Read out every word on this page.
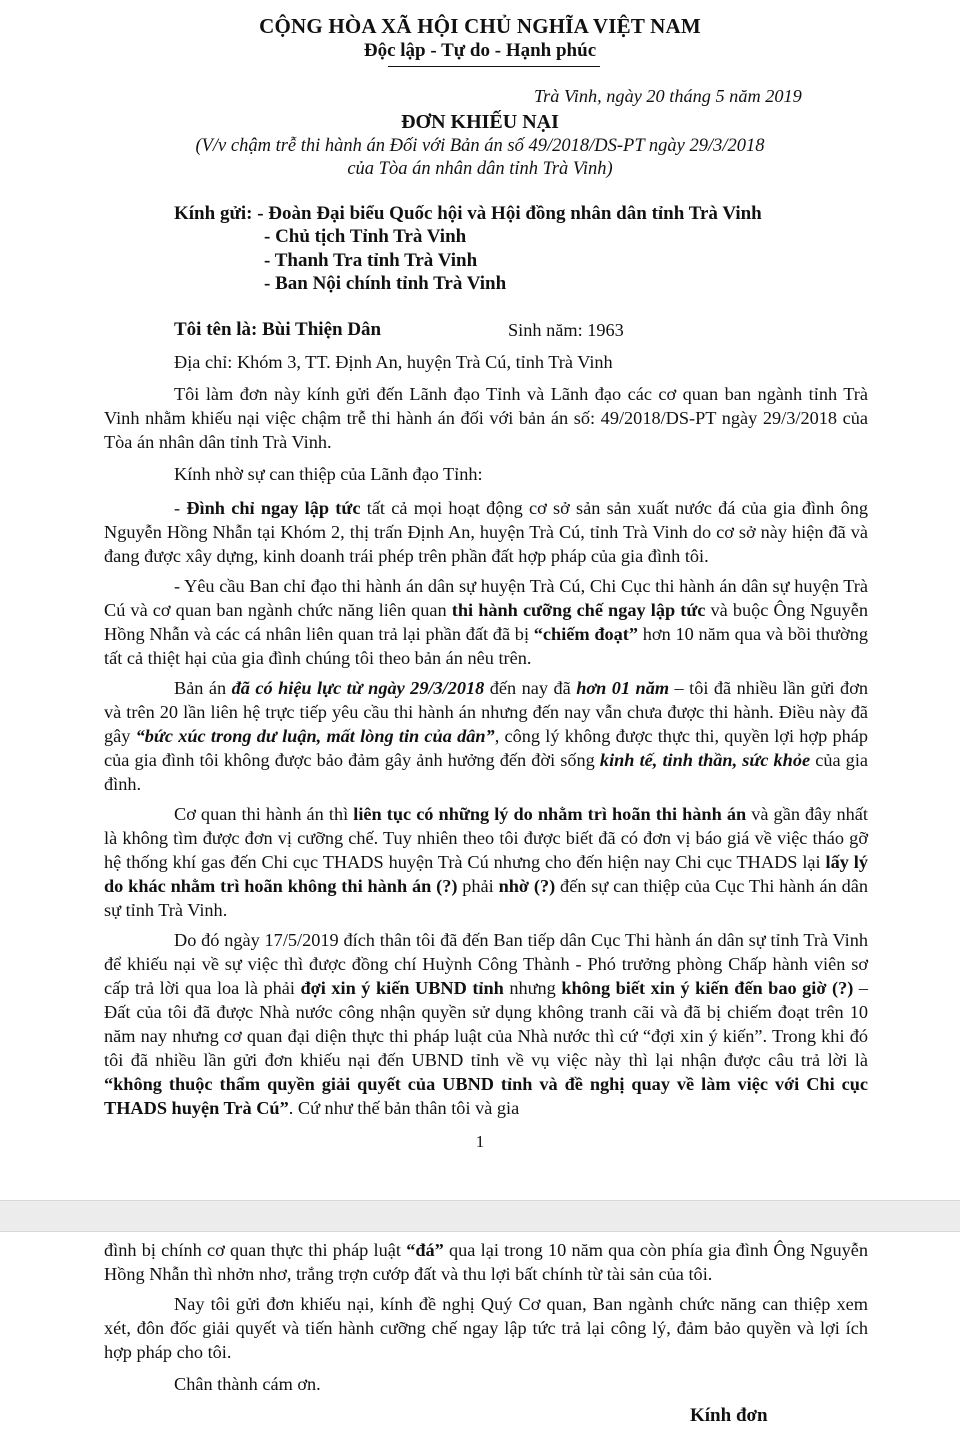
CỘNG HÒA XÃ HỘI CHỦ NGHĨA VIỆT NAM
Độc lập - Tự do - Hạnh phúc
Trà Vinh, ngày 20 tháng 5 năm 2019
ĐƠN KHIẾU NẠI
(V/v chậm trễ thi hành án Đối với Bản án số 49/2018/DS-PT ngày 29/3/2018
của Tòa án nhân dân tỉnh Trà Vinh)
Kính gửi: - Đoàn Đại biểu Quốc hội và Hội đồng nhân dân tỉnh Trà Vinh
- Chủ tịch Tỉnh Trà Vinh
- Thanh Tra tỉnh Trà Vinh
- Ban Nội chính tỉnh Trà Vinh
Tôi tên là: Bùi Thiện Dân	Sinh năm: 1963
Địa chỉ: Khóm 3, TT. Định An, huyện Trà Cú, tỉnh Trà Vinh
Tôi làm đơn này kính gửi đến Lãnh đạo Tỉnh và Lãnh đạo các cơ quan ban ngành tỉnh Trà Vinh nhằm khiếu nại việc chậm trễ thi hành án đối với bản án số: 49/2018/DS-PT ngày 29/3/2018 của Tòa án nhân dân tỉnh Trà Vinh.
Kính nhờ sự can thiệp của Lãnh đạo Tỉnh:
- Đình chỉ ngay lập tức tất cả mọi hoạt động cơ sở sản sản xuất nước đá của gia đình ông Nguyễn Hồng Nhẫn tại Khóm 2, thị trấn Định An, huyện Trà Cú, tỉnh Trà Vinh do cơ sở này hiện đã và đang được xây dựng, kinh doanh trái phép trên phần đất hợp pháp của gia đình tôi.
- Yêu cầu Ban chỉ đạo thi hành án dân sự huyện Trà Cú, Chi Cục thi hành án dân sự huyện Trà Cú và cơ quan ban ngành chức năng liên quan thi hành cưỡng chế ngay lập tức và buộc Ông Nguyễn Hồng Nhẫn và các cá nhân liên quan trả lại phần đất đã bị “chiếm đoạt” hơn 10 năm qua và bồi thường tất cả thiệt hại của gia đình chúng tôi theo bản án nêu trên.
Bản án đã có hiệu lực từ ngày 29/3/2018 đến nay đã hơn 01 năm – tôi đã nhiều lần gửi đơn và trên 20 lần liên hệ trực tiếp yêu cầu thi hành án nhưng đến nay vẫn chưa được thi hành. Điều này đã gây “bức xúc trong dư luận, mất lòng tin của dân”, công lý không được thực thi, quyền lợi hợp pháp của gia đình tôi không được bảo đảm gây ảnh hưởng đến đời sống kinh tế, tinh thần, sức khỏe của gia đình.
Cơ quan thi hành án thì liên tục có những lý do nhằm trì hoãn thi hành án và gần đây nhất là không tìm được đơn vị cưỡng chế. Tuy nhiên theo tôi được biết đã có đơn vị báo giá về việc tháo gỡ hệ thống khí gas đến Chi cục THADS huyện Trà Cú nhưng cho đến hiện nay Chi cục THADS lại lấy lý do khác nhằm trì hoãn không thi hành án (?) phải nhờ (?) đến sự can thiệp của Cục Thi hành án dân sự tỉnh Trà Vinh.
Do đó ngày 17/5/2019 đích thân tôi đã đến Ban tiếp dân Cục Thi hành án dân sự tỉnh Trà Vinh để khiếu nại về sự việc thì được đồng chí Huỳnh Công Thành - Phó trưởng phòng Chấp hành viên sơ cấp trả lời qua loa là phải đợi xin ý kiến UBND tỉnh nhưng không biết xin ý kiến đến bao giờ (?) – Đất của tôi đã được Nhà nước công nhận quyền sử dụng không tranh cãi và đã bị chiếm đoạt trên 10 năm nay nhưng cơ quan đại diện thực thi pháp luật của Nhà nước thì cứ “đợi xin ý kiến”. Trong khi đó tôi đã nhiều lần gửi đơn khiếu nại đến UBND tỉnh về vụ việc này thì lại nhận được câu trả lời là “không thuộc thẩm quyền giải quyết của UBND tỉnh và đề nghị quay về làm việc với Chi cục THADS huyện Trà Cú”. Cứ như thế bản thân tôi và gia
1
đình bị chính cơ quan thực thi pháp luật “đá” qua lại trong 10 năm qua còn phía gia đình Ông Nguyễn Hồng Nhẫn thì nhởn nhơ, trắng trợn cướp đất và thu lợi bất chính từ tài sản của tôi.
Nay tôi gửi đơn khiếu nại, kính đề nghị Quý Cơ quan, Ban ngành chức năng can thiệp xem xét, đôn đốc giải quyết và tiến hành cưỡng chế ngay lập tức trả lại công lý, đảm bảo quyền và lợi ích hợp pháp cho tôi.
Chân thành cám ơn.
Kính đơn
